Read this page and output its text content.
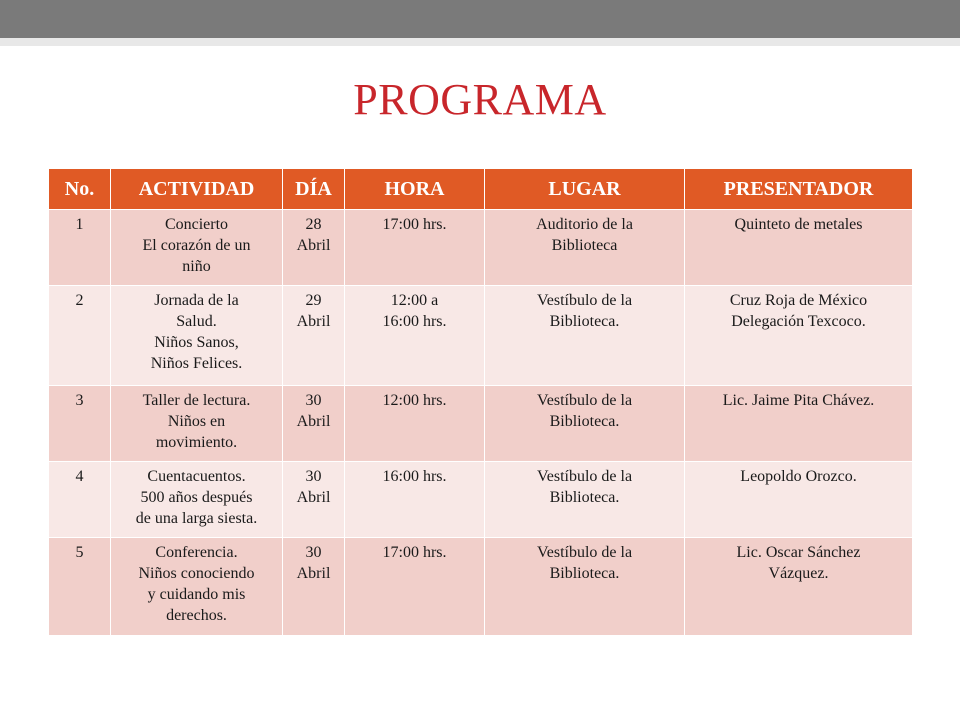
PROGRAMA
No.	ACTIVIDAD	DÍA	HORA	LUGAR	PRESENTADOR

1	Concierto
El corazón de un
niño	28
Abril	17:00 hrs.	Auditorio de la
Biblioteca	Quinteto de metales

2	Jornada de la
Salud.
Niños Sanos,
Niños Felices.	29
Abril	12:00 a
16:00 hrs.	Vestíbulo de la
Biblioteca.	Cruz Roja de México
Delegación Texcoco.

3	Taller de lectura.
Niños en
movimiento.	30
Abril	12:00 hrs.	Vestíbulo de la
Biblioteca.	Lic. Jaime Pita Chávez.

4	Cuentacuentos.
500 años después
de una larga siesta.	30
Abril	16:00 hrs.	Vestíbulo de la
Biblioteca.	Leopoldo Orozco.

5	Conferencia.
Niños conociendo
y cuidando mis
derechos.	30
Abril	17:00 hrs.	Vestíbulo de la
Biblioteca.	Lic. Oscar Sánchez
Vázquez.
